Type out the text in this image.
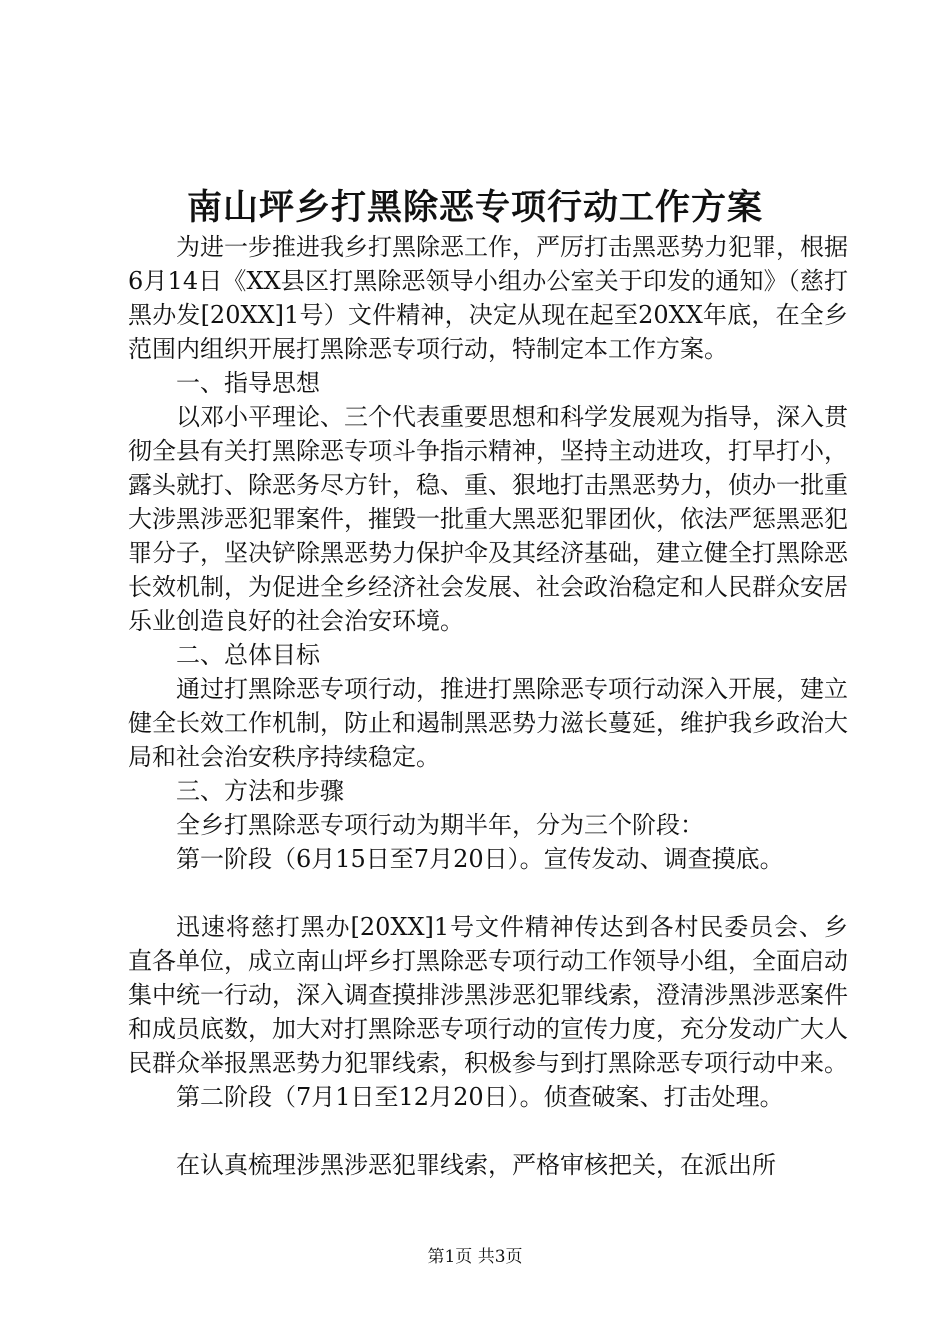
南山坪乡打黑除恶专项行动工作方案

为进一步推进我乡打黑除恶工作，严厉打击黑恶势力犯罪，根据6月14日《XX县区打黑除恶领导小组办公室关于印发的通知》（慈打黑办发[20XX]1号）文件精神，决定从现在起至20XX年底，在全乡范围内组织开展打黑除恶专项行动，特制定本工作方案。

一、指导思想

以邓小平理论、三个代表重要思想和科学发展观为指导，深入贯彻全县有关打黑除恶专项斗争指示精神，坚持主动进攻，打早打小，露头就打、除恶务尽方针，稳、重、狠地打击黑恶势力，侦办一批重大涉黑涉恶犯罪案件，摧毁一批重大黑恶犯罪团伙，依法严惩黑恶犯罪分子，坚决铲除黑恶势力保护伞及其经济基础，建立健全打黑除恶长效机制，为促进全乡经济社会发展、社会政治稳定和人民群众安居乐业创造良好的社会治安环境。

二、总体目标

通过打黑除恶专项行动，推进打黑除恶专项行动深入开展，建立健全长效工作机制，防止和遏制黑恶势力滋长蔓延，维护我乡政治大局和社会治安秩序持续稳定。

三、方法和步骤

全乡打黑除恶专项行动为期半年，分为三个阶段：

第一阶段（6月15日至7月20日）。宣传发动、调查摸底。

迅速将慈打黑办[20XX]1号文件精神传达到各村民委员会、乡直各单位，成立南山坪乡打黑除恶专项行动工作领导小组，全面启动集中统一行动，深入调查摸排涉黑涉恶犯罪线索，澄清涉黑涉恶案件和成员底数，加大对打黑除恶专项行动的宣传力度，充分发动广大人民群众举报黑恶势力犯罪线索，积极参与到打黑除恶专项行动中来。

第二阶段（7月1日至12月20日）。侦查破案、打击处理。

在认真梳理涉黑涉恶犯罪线索，严格审核把关，在派出所

第1页 共3页
